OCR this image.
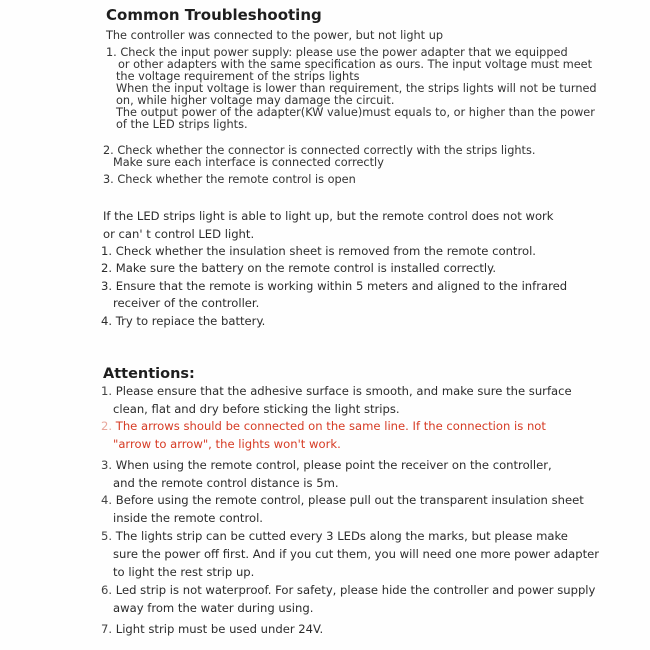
Common Troubleshooting
The controller was connected to the power, but not light up
1. Check the input power supply: please use the power adapter that we equipped
or other adapters with the same specification as ours. The input voltage must meet
the voltage requirement of the strips lights
When the input voltage is lower than requirement, the strips lights will not be turned
on, while higher voltage may damage the circuit.
The output power of the adapter(KW value)must equals to, or higher than the power
of the LED strips lights.
2. Check whether the connector is connected correctly with the strips lights.
Make sure each interface is connected correctly
3. Check whether the remote control is open
If the LED strips light is able to light up, but the remote control does not work
or can' t control LED light.
1. Check whether the insulation sheet is removed from the remote control.
2. Make sure the battery on the remote control is installed correctly.
3. Ensure that the remote is working within 5 meters and aligned to the infrared
receiver of the controller.
4. Try to repiace the battery.
Attentions:
1. Please ensure that the adhesive surface is smooth, and make sure the surface
clean, flat and dry before sticking the light strips.
2. The arrows should be connected on the same line. If the connection is not
"arrow to arrow", the lights won't work.
3. When using the remote control, please point the receiver on the controller,
and the remote control distance is 5m.
4. Before using the remote control, please pull out the transparent insulation sheet
inside the remote control.
5. The lights strip can be cutted every 3 LEDs along the marks, but please make
sure the power off first. And if you cut them, you will need one more power adapter
to light the rest strip up.
6. Led strip is not waterproof. For safety, please hide the controller and power supply
away from the water during using.
7. Light strip must be used under 24V.
